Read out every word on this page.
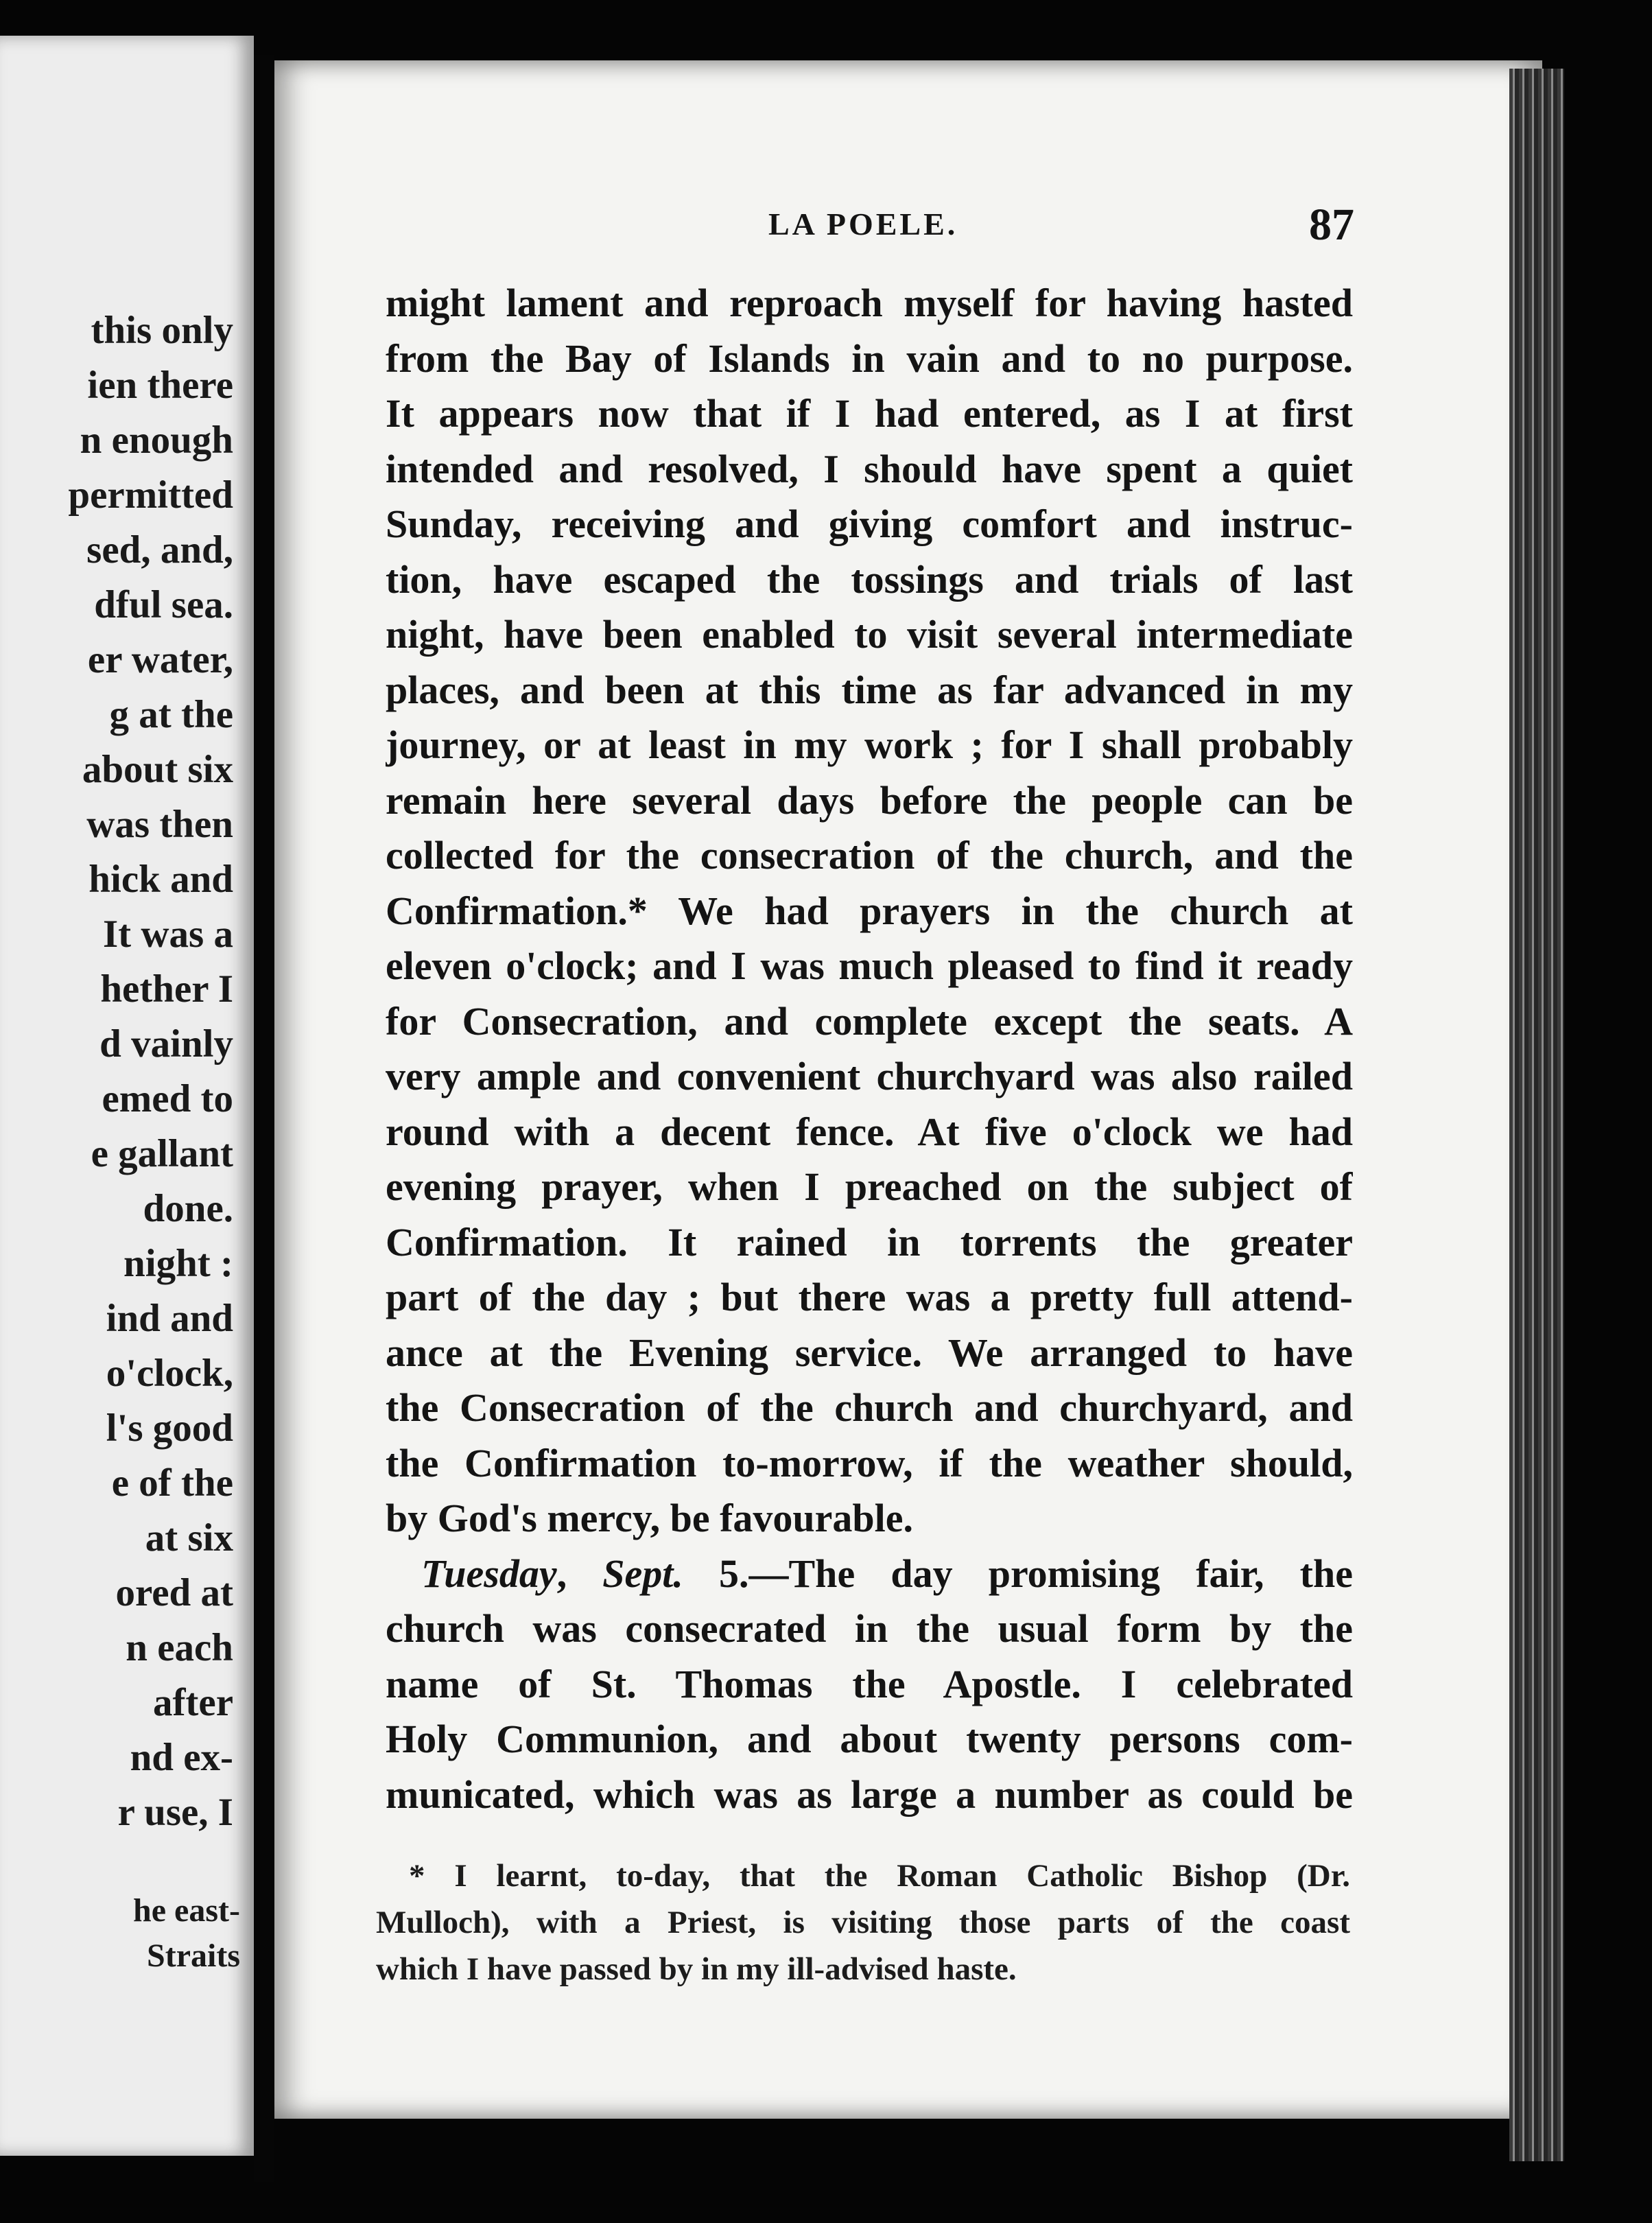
this only
ien there
n enough
permitted
sed, and,
dful sea.
er water,
g at the
about six
was then
hick and
It was a
hether I
d vainly
emed to
e gallant
done.
night :
ind and
o'clock,
l's good
e of the
at six
ored at
n each
after
nd ex-
r use, I
he east-
Straits
LA POELE.	87
might lament and reproach myself for having hasted
from the Bay of Islands in vain and to no purpose.
It appears now that if I had entered, as I at first
intended and resolved, I should have spent a quiet
Sunday, receiving and giving comfort and instruc-
tion, have escaped the tossings and trials of last
night, have been enabled to visit several intermediate
places, and been at this time as far advanced in my
journey, or at least in my work ; for I shall probably
remain here several days before the people can be
collected for the consecration of the church, and the
Confirmation.* We had prayers in the church at
eleven o'clock; and I was much pleased to find it ready
for Consecration, and complete except the seats. A
very ample and convenient churchyard was also railed
round with a decent fence. At five o'clock we had
evening prayer, when I preached on the subject of
Confirmation. It rained in torrents the greater
part of the day ; but there was a pretty full attend-
ance at the Evening service. We arranged to have
the Consecration of the church and churchyard, and
the Confirmation to-morrow, if the weather should,
by God's mercy, be favourable.
Tuesday, Sept. 5.—The day promising fair, the
church was consecrated in the usual form by the
name of St. Thomas the Apostle. I celebrated
Holy Communion, and about twenty persons com-
municated, which was as large a number as could be
* I learnt, to-day, that the Roman Catholic Bishop (Dr.
Mulloch), with a Priest, is visiting those parts of the coast
which I have passed by in my ill-advised haste.
